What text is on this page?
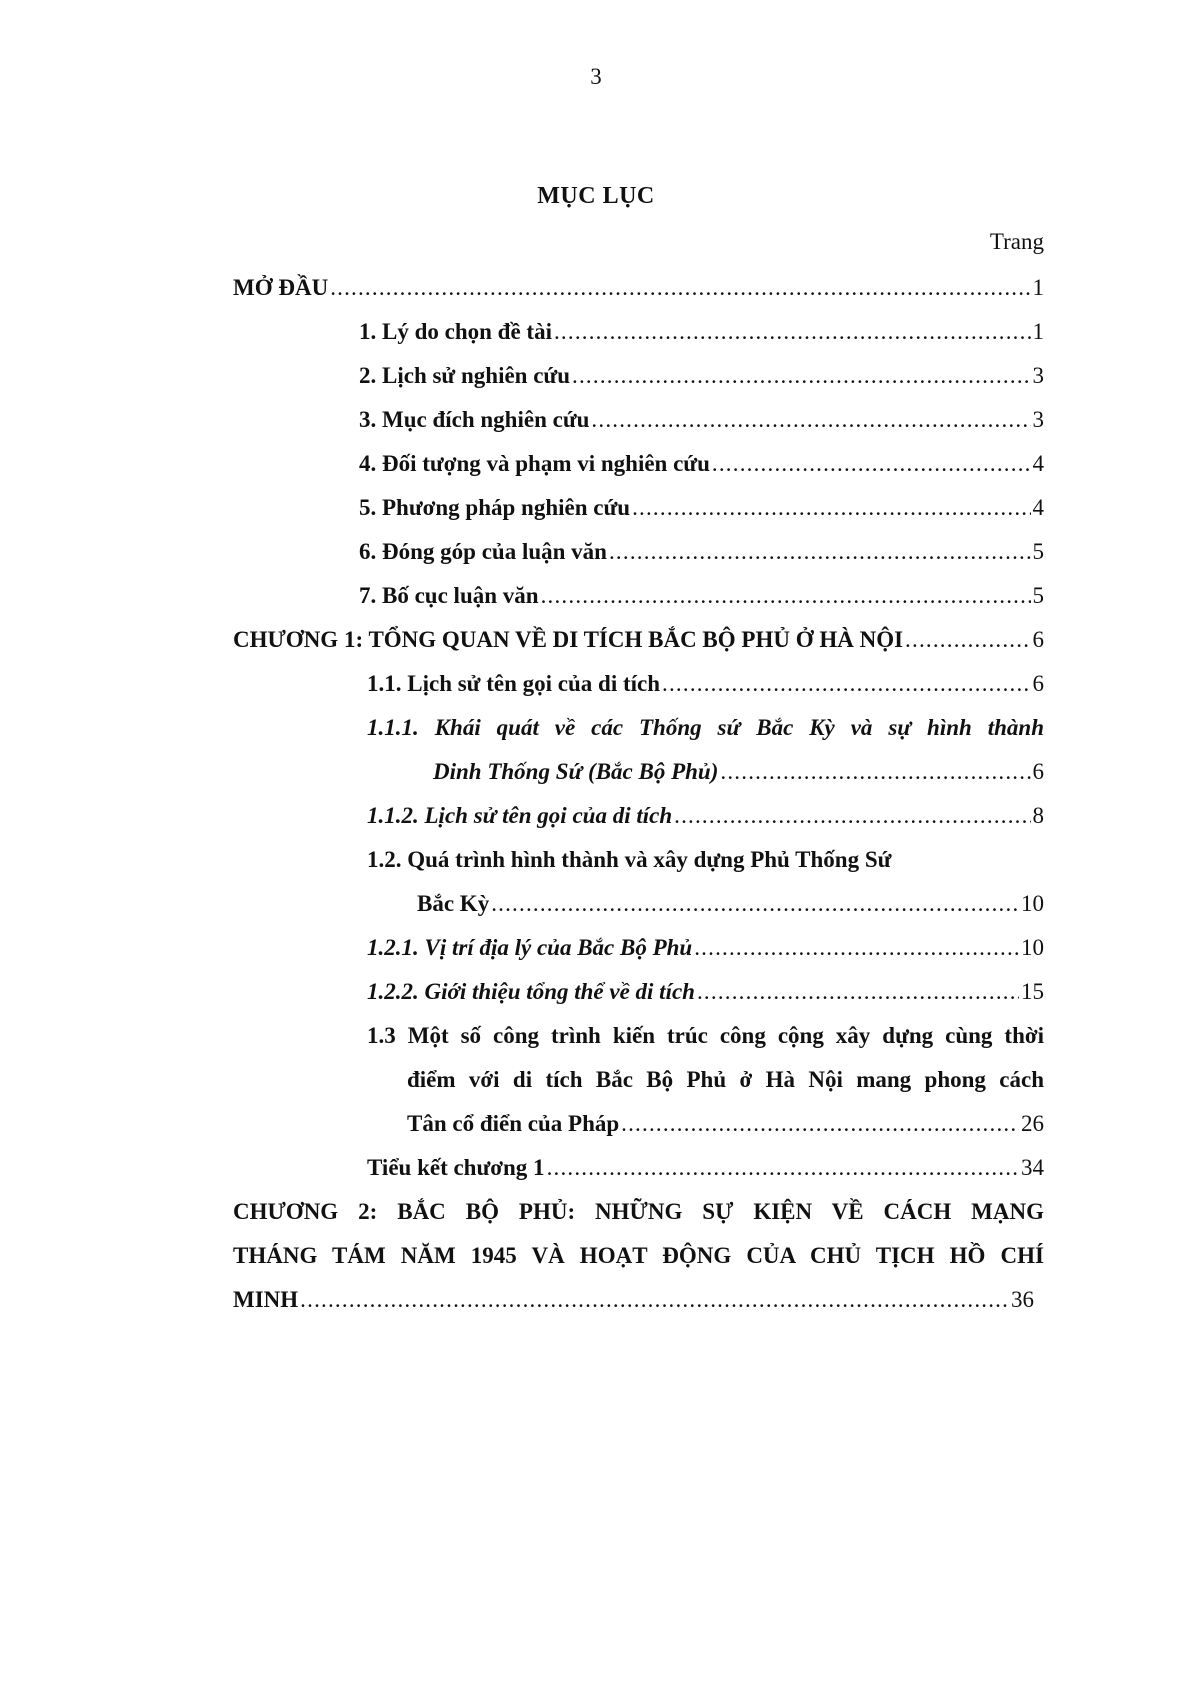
3
MỤC LỤC
Trang
MỞ ĐẦU .....	1
1. Lý do chọn đề tài .....	1
2. Lịch sử nghiên cứu .....	3
3. Mục đích nghiên cứu .....	3
4. Đối tượng và phạm vi nghiên cứu .....	4
5. Phương pháp nghiên cứu .....	4
6. Đóng góp của luận văn .....	5
7. Bố cục luận văn .....	5
CHƯƠNG 1: TỔNG QUAN VỀ DI TÍCH BẮC BỘ PHỦ Ở HÀ NỘI .....	6
1.1. Lịch sử tên gọi của di tích .....	6
1.1.1. Khái quát về các Thống sứ Bắc Kỳ và sự hình thành
Dinh Thống Sứ (Bắc Bộ Phủ) .....	6
1.1.2. Lịch sử tên gọi của di tích .....	8
1.2. Quá trình hình thành và xây dựng Phủ Thống Sứ
Bắc Kỳ .....	10
1.2.1. Vị trí địa lý của Bắc Bộ Phủ .....	10
1.2.2. Giới thiệu tổng thể về di tích .....	15
1.3 Một số công trình kiến trúc công cộng xây dựng cùng thời
điểm với di tích Bắc Bộ Phủ ở Hà Nội mang phong cách
Tân cổ điển của Pháp .....	26
Tiểu kết chương 1 .....	34
CHƯƠNG 2: BẮC BỘ PHỦ: NHỮNG SỰ KIỆN VỀ CÁCH MẠNG
THÁNG TÁM NĂM 1945 VÀ HOẠT ĐỘNG CỦA CHỦ TỊCH HỒ CHÍ
MINH .....	36
